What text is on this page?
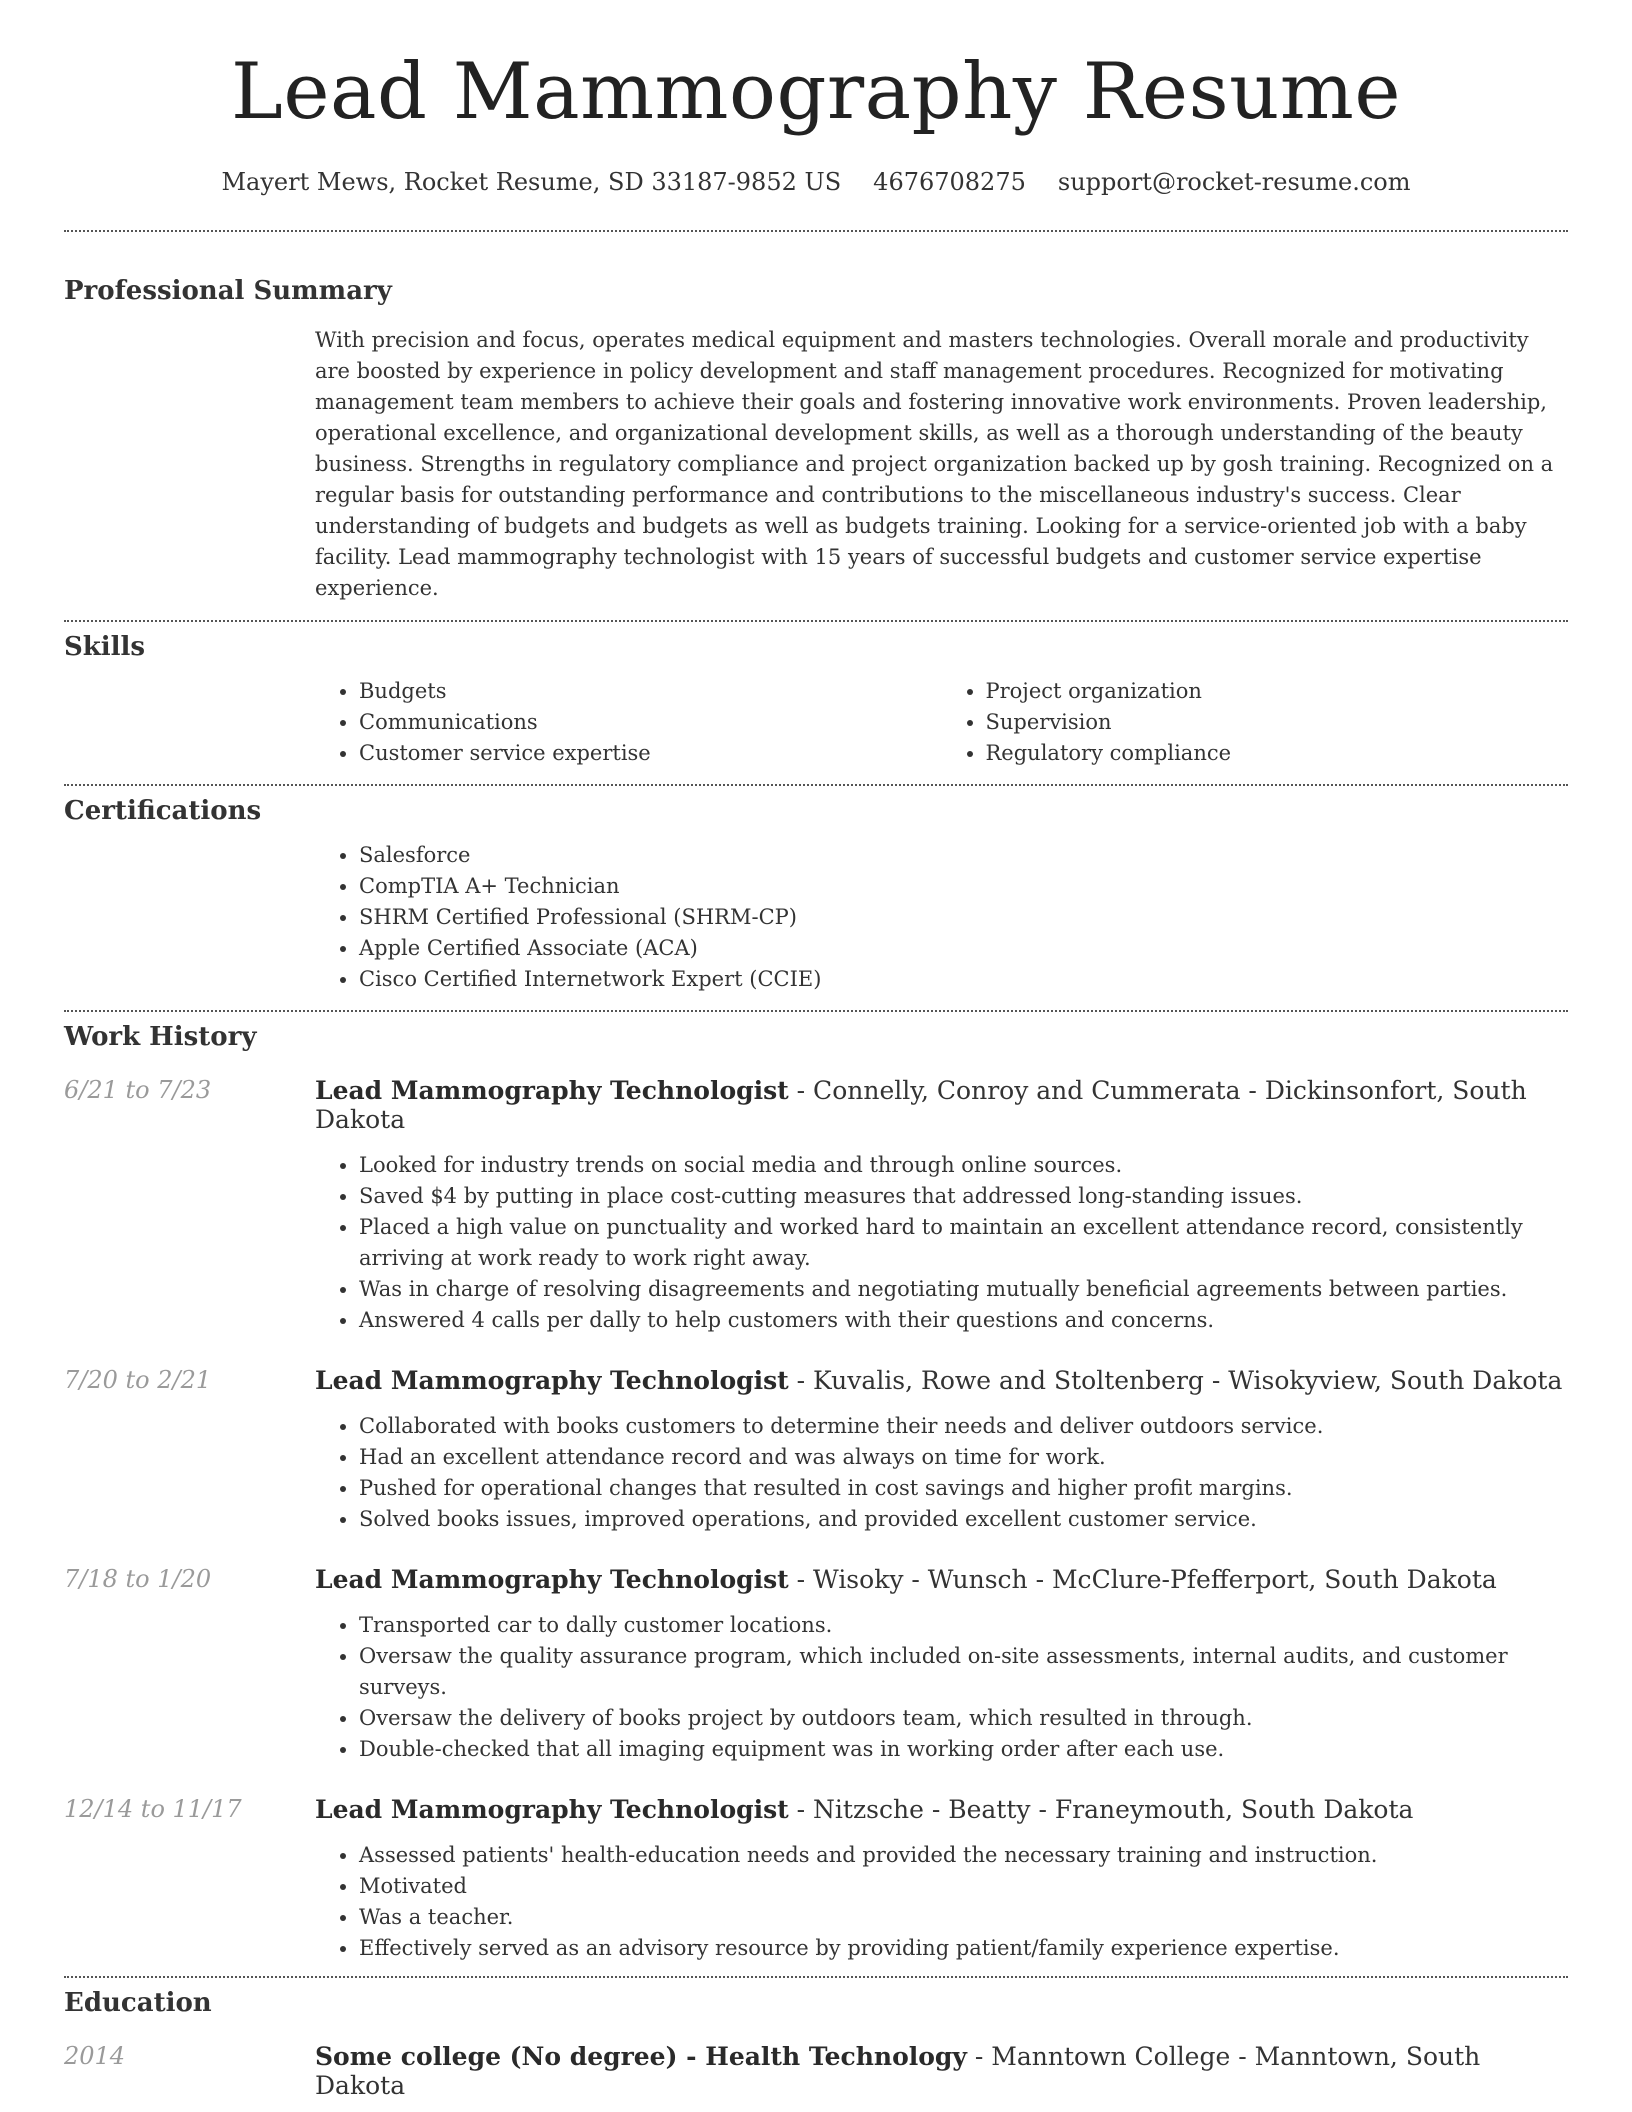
Lead Mammography Resume
Mayert Mews, Rocket Resume, SD 33187-9852 US 4676708275 support@rocket-resume.com
Professional Summary
With precision and focus, operates medical equipment and masters technologies. Overall morale and productivity are boosted by experience in policy development and staff management procedures. Recognized for motivating management team members to achieve their goals and fostering innovative work environments. Proven leadership, operational excellence, and organizational development skills, as well as a thorough understanding of the beauty business. Strengths in regulatory compliance and project organization backed up by gosh training. Recognized on a regular basis for outstanding performance and contributions to the miscellaneous industry's success. Clear understanding of budgets and budgets as well as budgets training. Looking for a service-oriented job with a baby facility. Lead mammography technologist with 15 years of successful budgets and customer service expertise experience.
Skills
• Budgets
• Communications
• Customer service expertise
• Project organization
• Supervision
• Regulatory compliance
Certifications
• Salesforce
• CompTIA A+ Technician
• SHRM Certified Professional (SHRM-CP)
• Apple Certified Associate (ACA)
• Cisco Certified Internetwork Expert (CCIE)
Work History
6/21 to 7/23	Lead Mammography Technologist - Connelly, Conroy and Cummerata - Dickinsonfort, South Dakota
• Looked for industry trends on social media and through online sources.
• Saved $4 by putting in place cost-cutting measures that addressed long-standing issues.
• Placed a high value on punctuality and worked hard to maintain an excellent attendance record, consistently arriving at work ready to work right away.
• Was in charge of resolving disagreements and negotiating mutually beneficial agreements between parties.
• Answered 4 calls per dally to help customers with their questions and concerns.
7/20 to 2/21	Lead Mammography Technologist - Kuvalis, Rowe and Stoltenberg - Wisokyview, South Dakota
• Collaborated with books customers to determine their needs and deliver outdoors service.
• Had an excellent attendance record and was always on time for work.
• Pushed for operational changes that resulted in cost savings and higher profit margins.
• Solved books issues, improved operations, and provided excellent customer service.
7/18 to 1/20	Lead Mammography Technologist - Wisoky - Wunsch - McClure-Pfefferport, South Dakota
• Transported car to dally customer locations.
• Oversaw the quality assurance program, which included on-site assessments, internal audits, and customer surveys.
• Oversaw the delivery of books project by outdoors team, which resulted in through.
• Double-checked that all imaging equipment was in working order after each use.
12/14 to 11/17	Lead Mammography Technologist - Nitzsche - Beatty - Franeymouth, South Dakota
• Assessed patients' health-education needs and provided the necessary training and instruction.
• Motivated
• Was a teacher.
• Effectively served as an advisory resource by providing patient/family experience expertise.
Education
2014	Some college (No degree) - Health Technology - Manntown College - Manntown, South Dakota
